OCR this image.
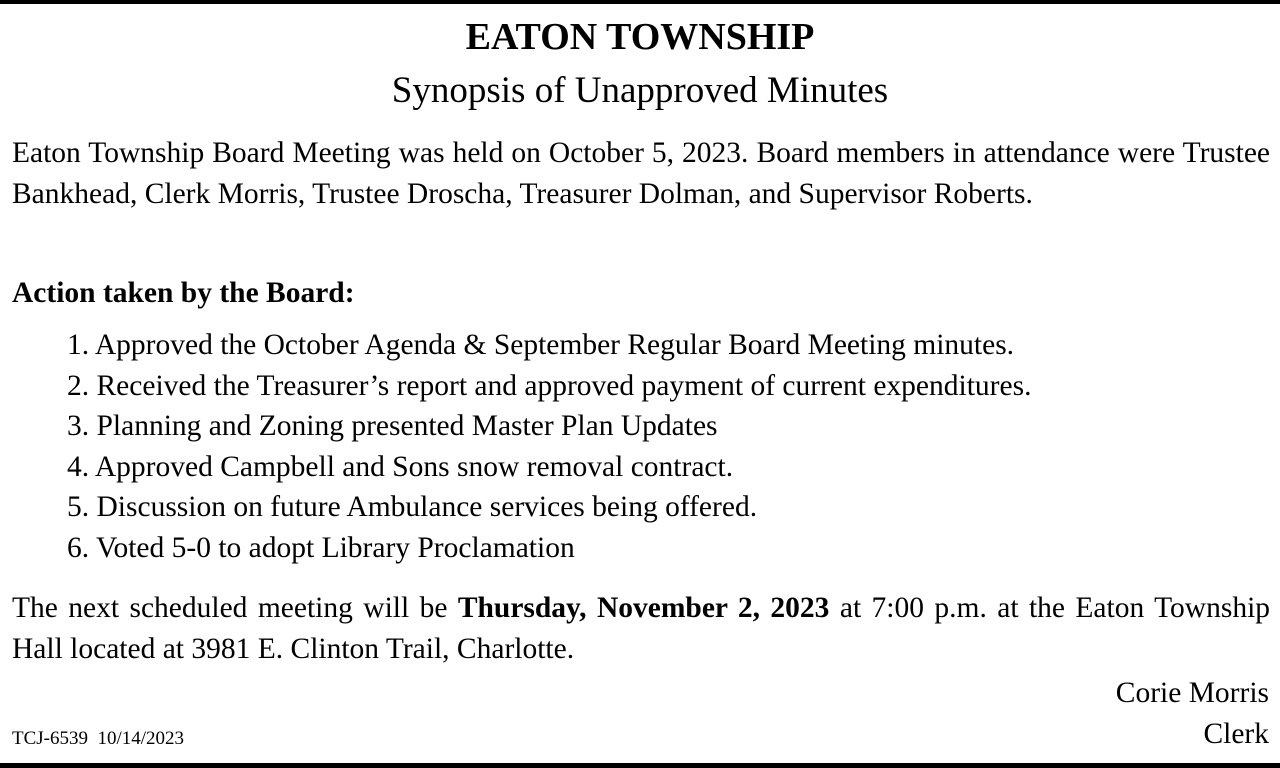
EATON TOWNSHIP
Synopsis of Unapproved Minutes

Eaton Township Board Meeting was held on October 5, 2023. Board members in attendance were Trustee Bankhead, Clerk Morris, Trustee Droscha, Treasurer Dolman, and Supervisor Roberts.

Action taken by the Board:

1. Approved the October Agenda & September Regular Board Meeting minutes.
2. Received the Treasurer’s report and approved payment of current expenditures.
3. Planning and Zoning presented Master Plan Updates
4. Approved Campbell and Sons snow removal contract.
5. Discussion on future Ambulance services being offered.
6. Voted 5-0 to adopt Library Proclamation

The next scheduled meeting will be Thursday, November 2, 2023 at 7:00 p.m. at the Eaton Township Hall located at 3981 E. Clinton Trail, Charlotte.

Corie Morris
Clerk
TCJ-6539  10/14/2023
